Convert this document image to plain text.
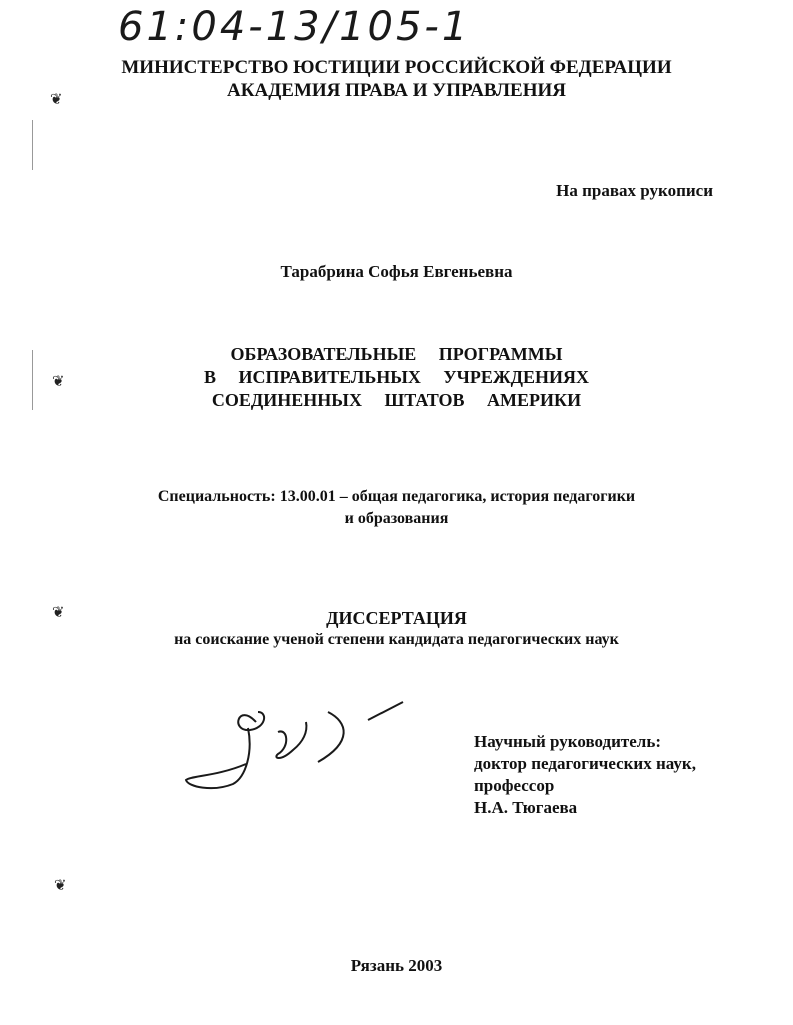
61:04-13/105-1
❦
❦
❦
❦
МИНИСТЕРСТВО ЮСТИЦИИ РОССИЙСКОЙ ФЕДЕРАЦИИ
АКАДЕМИЯ ПРАВА И УПРАВЛЕНИЯ
На правах рукописи
Тарабрина Софья Евгеньевна
ОБРАЗОВАТЕЛЬНЫЕ ПРОГРАММЫ
В ИСПРАВИТЕЛЬНЫХ УЧРЕЖДЕНИЯХ
СОЕДИНЕННЫХ ШТАТОВ АМЕРИКИ
Специальность: 13.00.01 – общая педагогика, история педагогики
и образования
ДИССЕРТАЦИЯ
на соискание ученой степени кандидата педагогических наук
Научный руководитель:
доктор педагогических наук,
профессор
Н.А. Тюгаева
Рязань 2003
